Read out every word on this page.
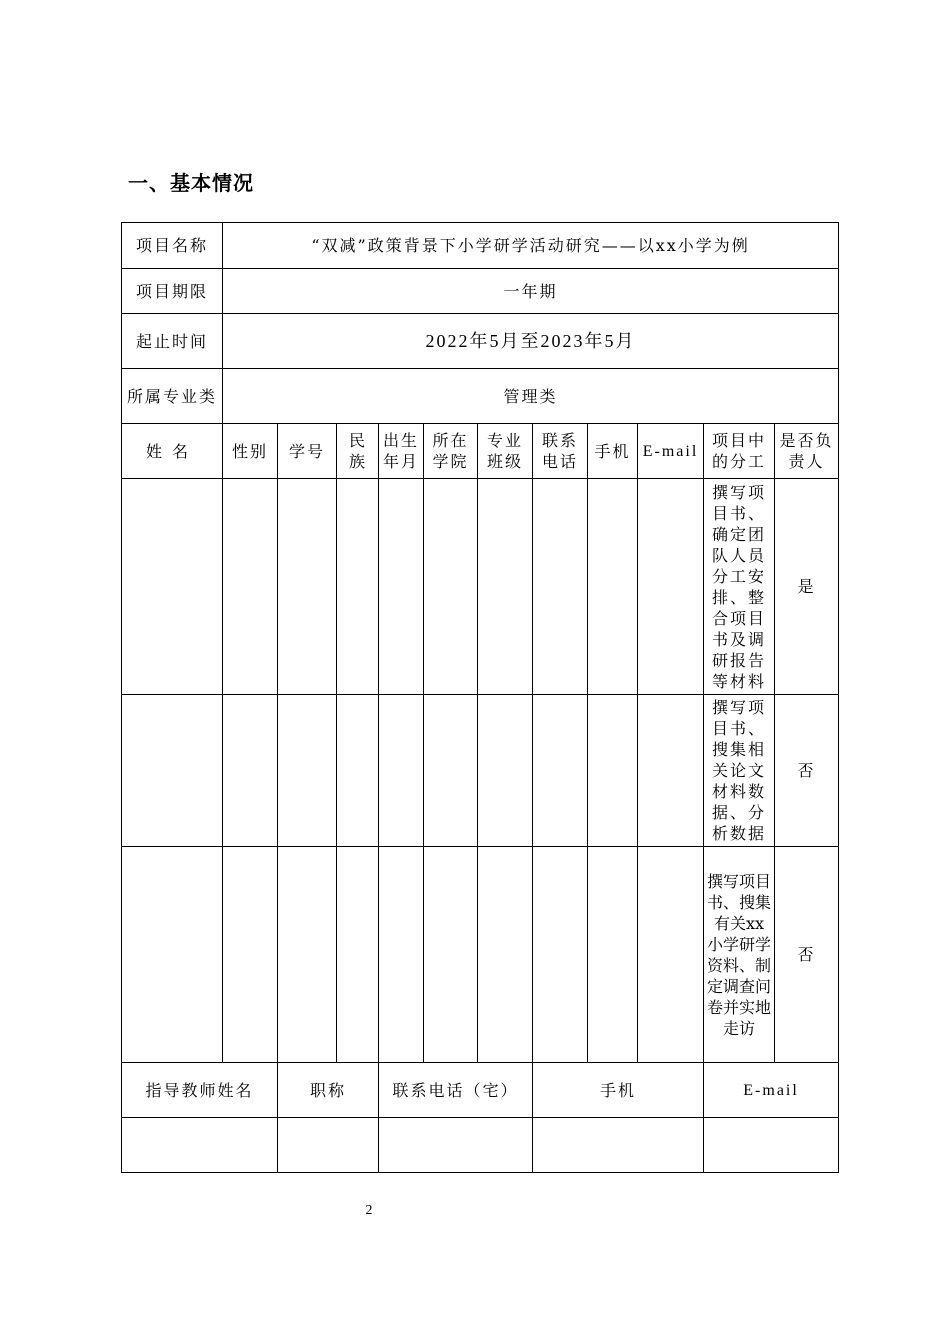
一、基本情况
项目名称	“双减”政策背景下小学研学活动研究——以xx小学为例										
项目期限	一年期										
起止时间	2022年5月至2023年5月										
所属专业类	管理类										
姓名	性别	学号	民族	出生年月	所在学院	专业班级	联系电话	手机	E-mail	项目中的分工	是否负责人
										撰写项目书、确定团队人员分工安排、整合项目书及调研报告等材料	是
										撰写项目书、搜集相关论文材料数据、分析数据	否
										撰写项目书、搜集有关xx小学研学资料、制定调查问卷并实地走访	否
指导教师姓名		职称		联系电话（宅）			手机			E-mail	

2
